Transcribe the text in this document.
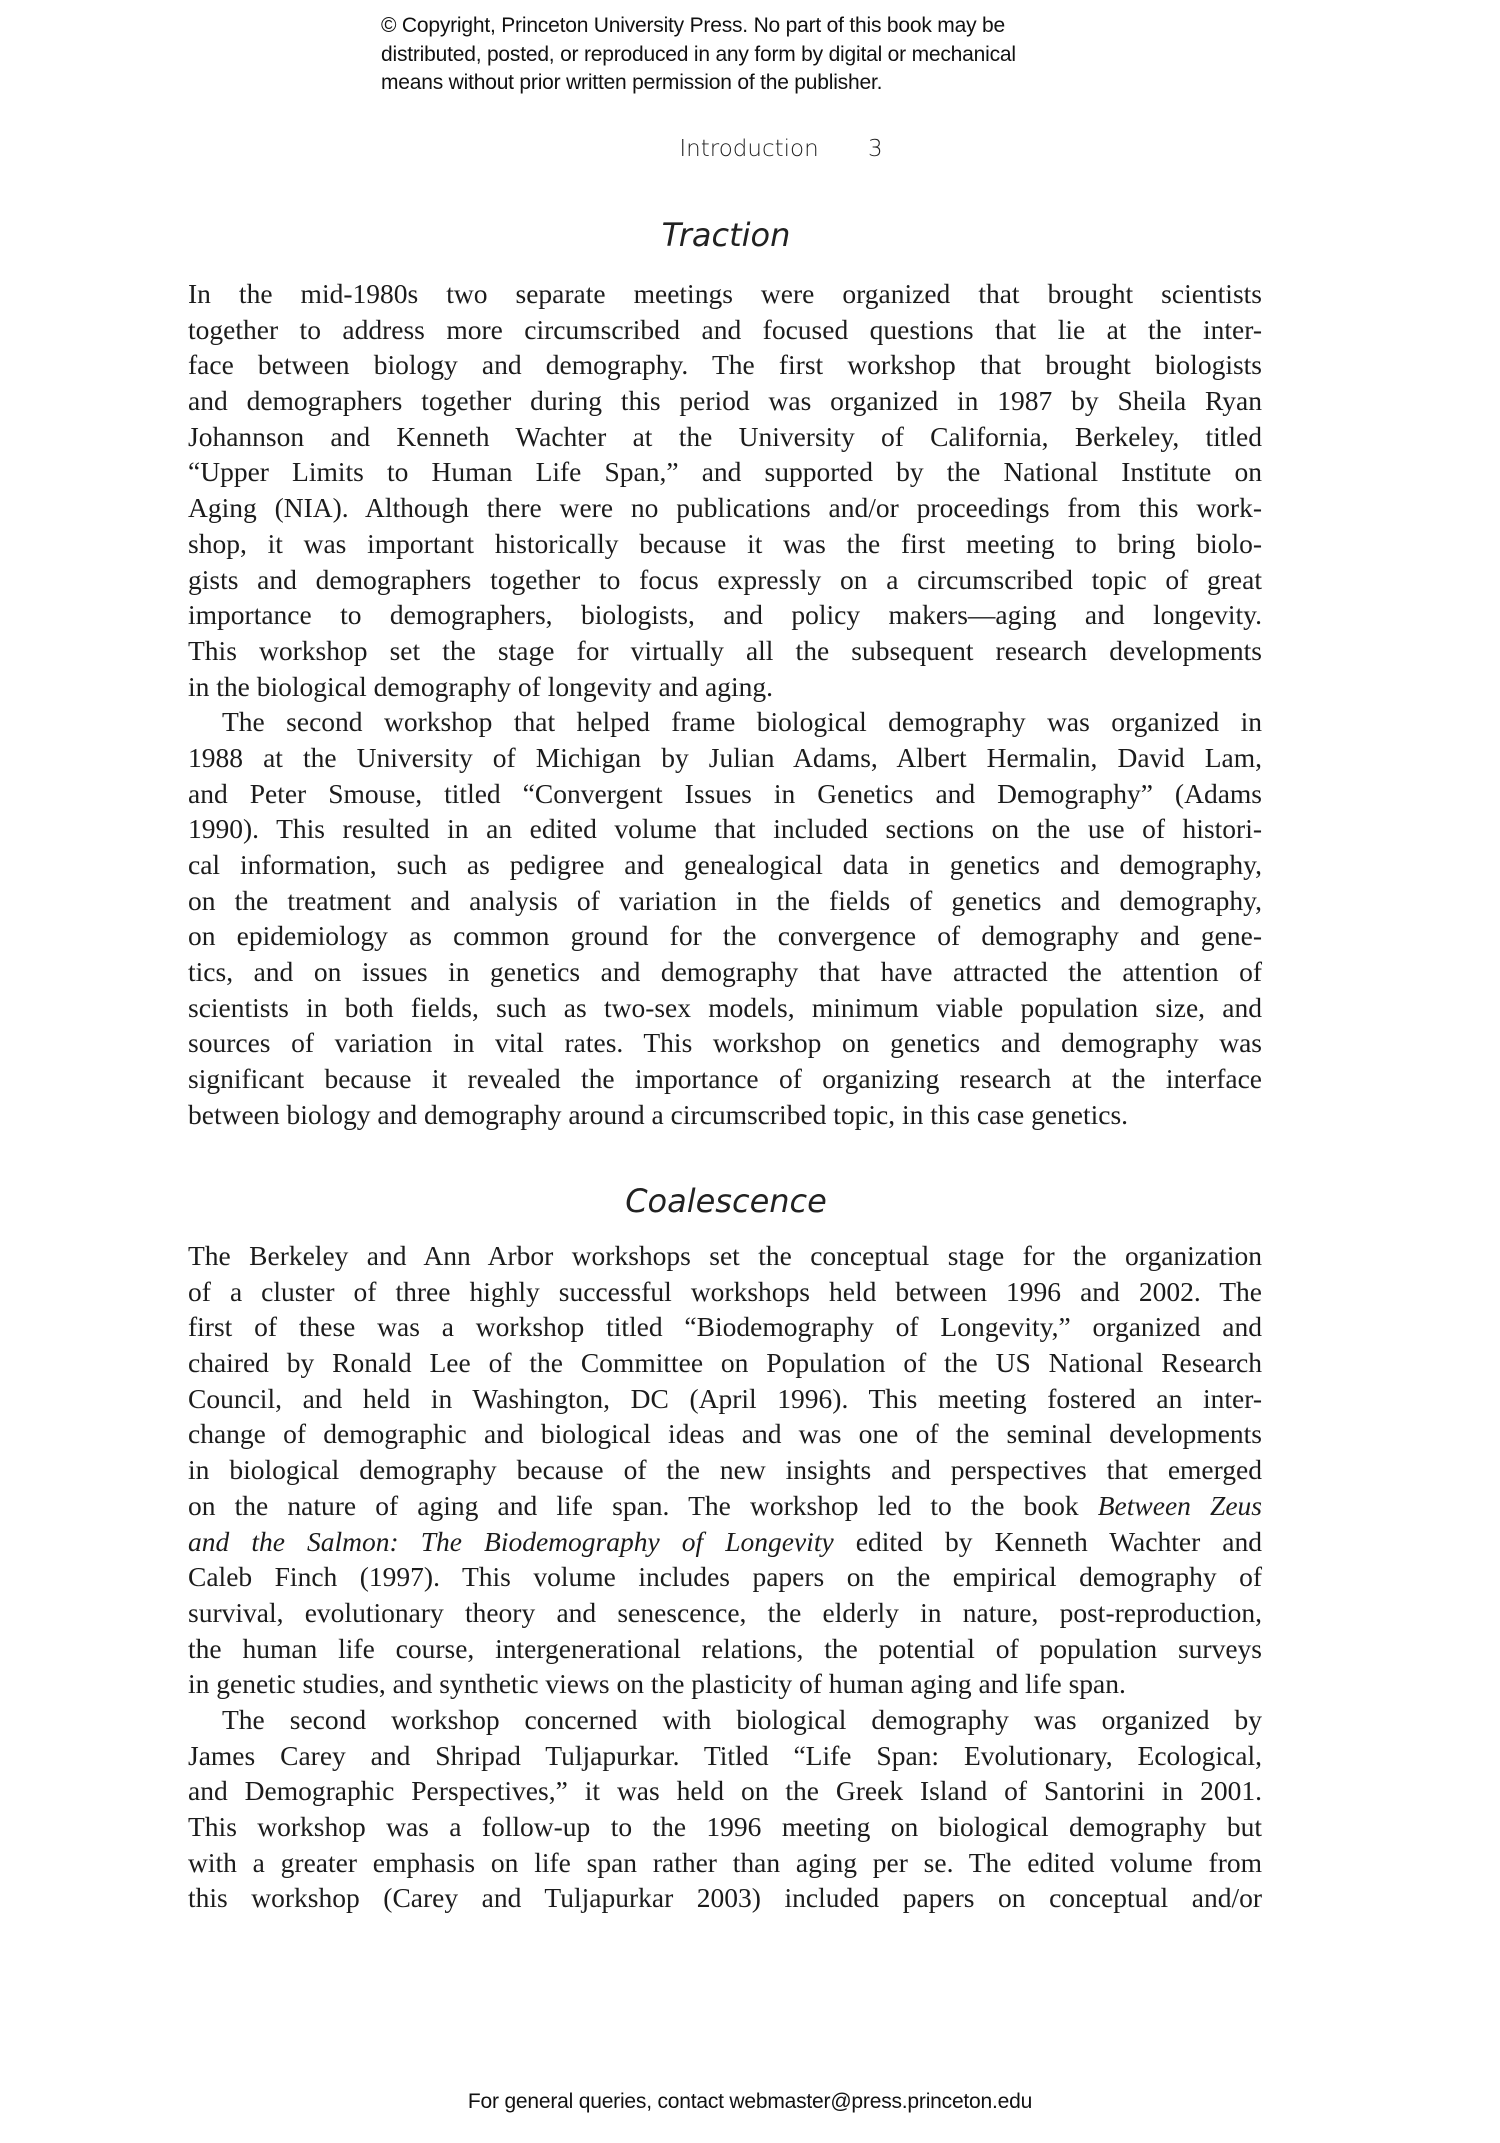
© Copyright, Princeton University Press. No part of this book may be
distributed, posted, or reproduced in any form by digital or mechanical
means without prior written permission of the publisher.
Introduction 3
Traction
In the mid-1980s two separate meetings were organized that brought scientists
together to address more circumscribed and focused questions that lie at the inter-
face between biology and demography. The first workshop that brought biologists
and demographers together during this period was organized in 1987 by Sheila Ryan
Johannson and Kenneth Wachter at the University of California, Berkeley, titled
“Upper Limits to Human Life Span,” and supported by the National Institute on
Aging (NIA). Although there were no publications and/or proceedings from this work-
shop, it was important historically because it was the first meeting to bring biolo-
gists and demographers together to focus expressly on a circumscribed topic of great
importance to demographers, biologists, and policy makers—aging and longevity.
This workshop set the stage for virtually all the subsequent research developments
in the biological demography of longevity and aging.
The second workshop that helped frame biological demography was organized in
1988 at the University of Michigan by Julian Adams, Albert Hermalin, David Lam,
and Peter Smouse, titled “Convergent Issues in Genetics and Demography” (Adams
1990). This resulted in an edited volume that included sections on the use of histori-
cal information, such as pedigree and genealogical data in genetics and demography,
on the treatment and analysis of variation in the fields of genetics and demography,
on epidemiology as common ground for the convergence of demography and gene-
tics, and on issues in genetics and demography that have attracted the attention of
scientists in both fields, such as two-sex models, minimum viable population size, and
sources of variation in vital rates. This workshop on genetics and demography was
significant because it revealed the importance of organizing research at the interface
between biology and demography around a circumscribed topic, in this case genetics.
Coalescence
The Berkeley and Ann Arbor workshops set the conceptual stage for the organization
of a cluster of three highly successful workshops held between 1996 and 2002. The
first of these was a workshop titled “Biodemography of Longevity,” organized and
chaired by Ronald Lee of the Committee on Population of the US National Research
Council, and held in Washington, DC (April 1996). This meeting fostered an inter-
change of demographic and biological ideas and was one of the seminal developments
in biological demography because of the new insights and perspectives that emerged
on the nature of aging and life span. The workshop led to the book Between Zeus
and the Salmon: The Biodemography of Longevity edited by Kenneth Wachter and
Caleb Finch (1997). This volume includes papers on the empirical demography of
survival, evolutionary theory and senescence, the elderly in nature, post-reproduction,
the human life course, intergenerational relations, the potential of population surveys
in genetic studies, and synthetic views on the plasticity of human aging and life span.
The second workshop concerned with biological demography was organized by
James Carey and Shripad Tuljapurkar. Titled “Life Span: Evolutionary, Ecological,
and Demographic Perspectives,” it was held on the Greek Island of Santorini in 2001.
This workshop was a follow-up to the 1996 meeting on biological demography but
with a greater emphasis on life span rather than aging per se. The edited volume from
this workshop (Carey and Tuljapurkar 2003) included papers on conceptual and/or
For general queries, contact webmaster@press.princeton.edu
